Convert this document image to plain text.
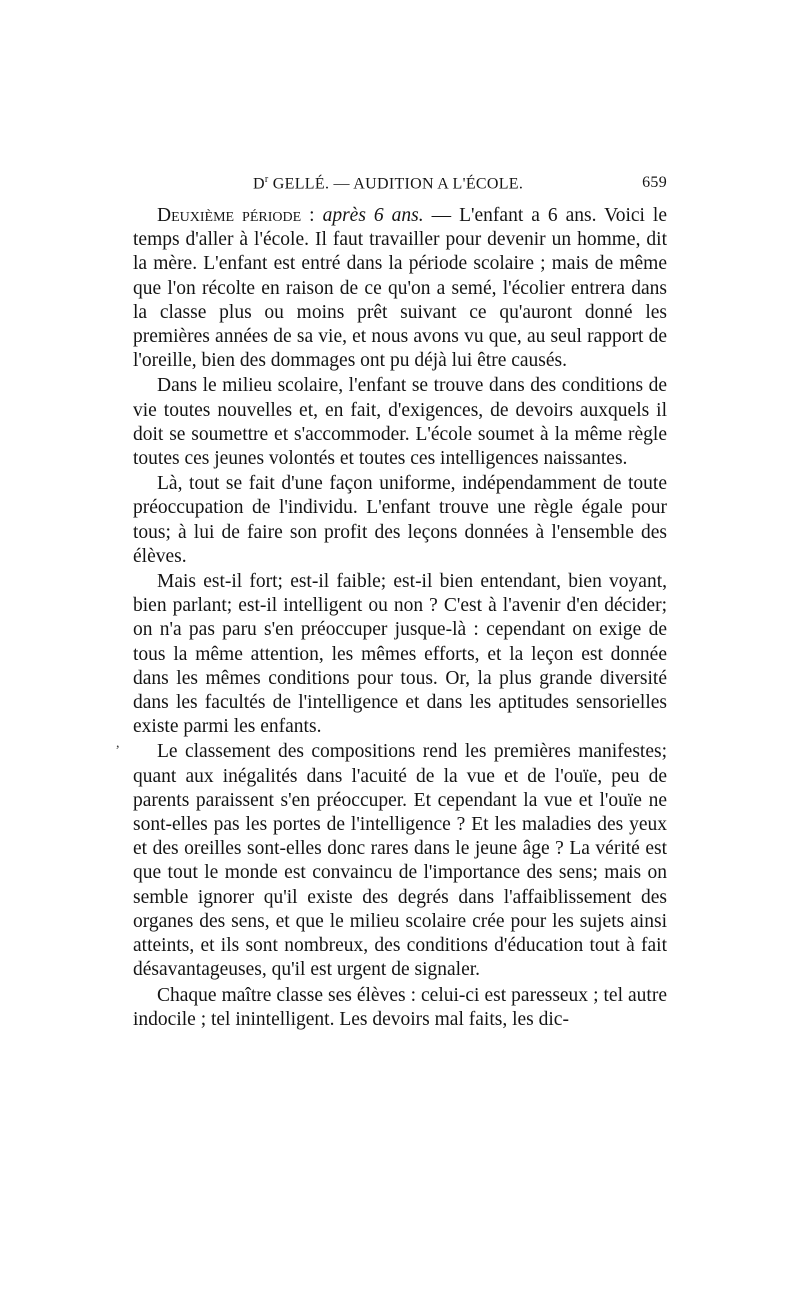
$D^r$ GELLÉ. — AUDITION A L'ÉCOLE.	659
,

Deuxième période : après 6 ans. — L'enfant a 6 ans. Voici le temps d'aller à l'école. Il faut travailler pour devenir un homme, dit la mère. L'enfant est entré dans la période scolaire ; mais de même que l'on récolte en raison de ce qu'on a semé, l'écolier entrera dans la classe plus ou moins prêt suivant ce qu'auront donné les premières années de sa vie, et nous avons vu que, au seul rapport de l'oreille, bien des dommages ont pu déjà lui être causés.

Dans le milieu scolaire, l'enfant se trouve dans des conditions de vie toutes nouvelles et, en fait, d'exigences, de devoirs auxquels il doit se soumettre et s'accommoder. L'école soumet à la même règle toutes ces jeunes volontés et toutes ces intelligences naissantes.

Là, tout se fait d'une façon uniforme, indépendamment de toute préoccupation de l'individu. L'enfant trouve une règle égale pour tous; à lui de faire son profit des leçons données à l'ensemble des élèves.

Mais est-il fort; est-il faible; est-il bien entendant, bien voyant, bien parlant; est-il intelligent ou non ? C'est à l'avenir d'en décider; on n'a pas paru s'en préoccuper jusque-là : cependant on exige de tous la même attention, les mêmes efforts, et la leçon est donnée dans les mêmes conditions pour tous. Or, la plus grande diversité dans les facultés de l'intelligence et dans les aptitudes sensorielles existe parmi les enfants.

Le classement des compositions rend les premières manifestes; quant aux inégalités dans l'acuité de la vue et de l'ouïe, peu de parents paraissent s'en préoccuper. Et cependant la vue et l'ouïe ne sont-elles pas les portes de l'intelligence ? Et les maladies des yeux et des oreilles sont-elles donc rares dans le jeune âge ? La vérité est que tout le monde est convaincu de l'importance des sens; mais on semble ignorer qu'il existe des degrés dans l'affaiblissement des organes des sens, et que le milieu scolaire crée pour les sujets ainsi atteints, et ils sont nombreux, des conditions d'éducation tout à fait désavantageuses, qu'il est urgent de signaler.

Chaque maître classe ses élèves : celui-ci est paresseux ; tel autre indocile ; tel inintelligent. Les devoirs mal faits, les dic-
